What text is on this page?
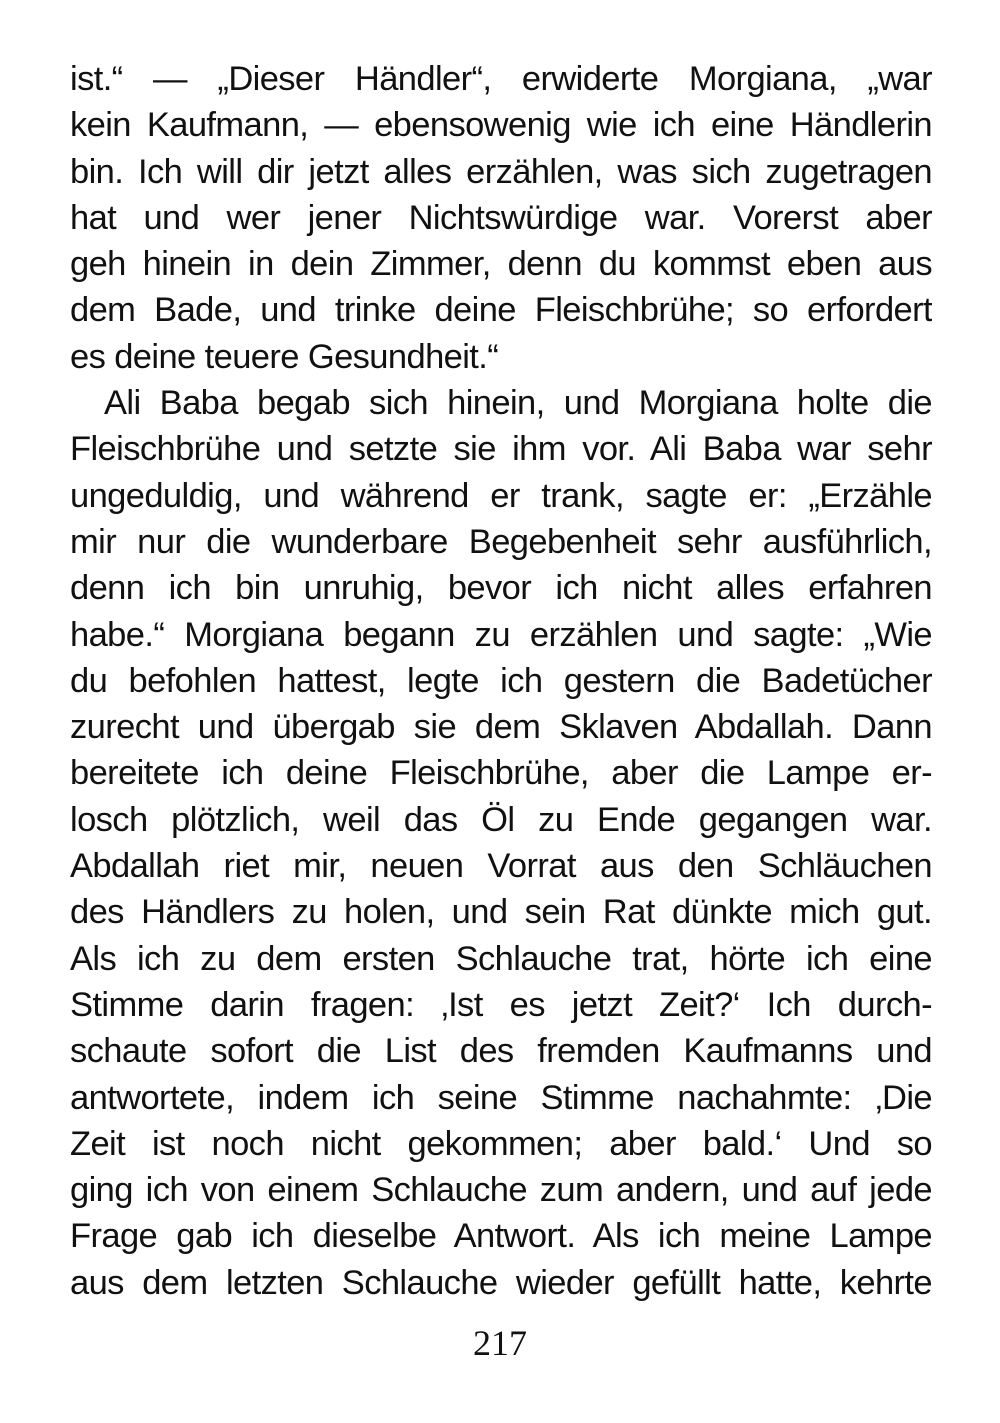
ist.“ — „Dieser Händler“, erwiderte Morgiana, „war
kein Kaufmann, — ebensowenig wie ich eine Händlerin
bin. Ich will dir jetzt alles erzählen, was sich zugetragen
hat und wer jener Nichtswürdige war. Vorerst aber
geh hinein in dein Zimmer, denn du kommst eben aus
dem Bade, und trinke deine Fleischbrühe; so erfordert
es deine teuere Gesundheit.“
Ali Baba begab sich hinein, und Morgiana holte die
Fleischbrühe und setzte sie ihm vor. Ali Baba war sehr
ungeduldig, und während er trank, sagte er: „Erzähle
mir nur die wunderbare Begebenheit sehr ausführlich,
denn ich bin unruhig, bevor ich nicht alles erfahren
habe.“ Morgiana begann zu erzählen und sagte: „Wie
du befohlen hattest, legte ich gestern die Badetücher
zurecht und übergab sie dem Sklaven Abdallah. Dann
bereitete ich deine Fleischbrühe, aber die Lampe er-
losch plötzlich, weil das Öl zu Ende gegangen war.
Abdallah riet mir, neuen Vorrat aus den Schläuchen
des Händlers zu holen, und sein Rat dünkte mich gut.
Als ich zu dem ersten Schlauche trat, hörte ich eine
Stimme darin fragen: ‚Ist es jetzt Zeit?‘ Ich durch-
schaute sofort die List des fremden Kaufmanns und
antwortete, indem ich seine Stimme nachahmte: ‚Die
Zeit ist noch nicht gekommen; aber bald.‘ Und so
ging ich von einem Schlauche zum andern, und auf jede
Frage gab ich dieselbe Antwort. Als ich meine Lampe
aus dem letzten Schlauche wieder gefüllt hatte, kehrte
217
